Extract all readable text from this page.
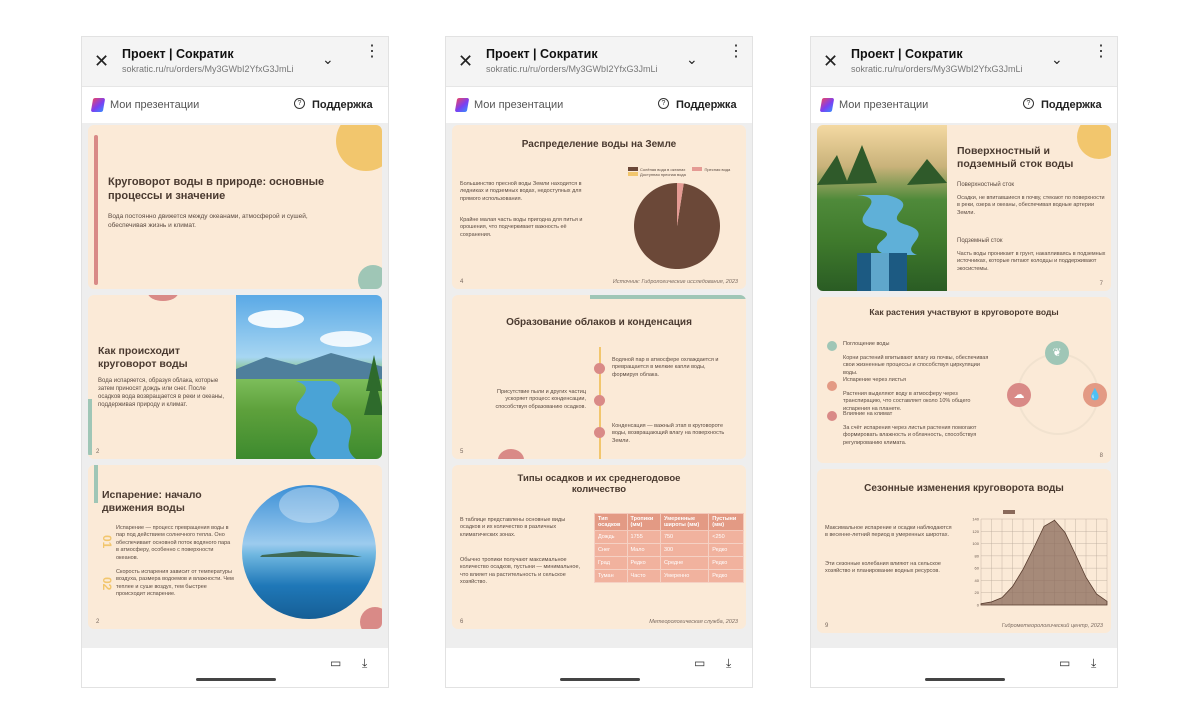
✕ Проект | Сократик
sokratic.ru/ru/orders/My3GWbI2YfxG3JmLi
⌄ ⋮
Мои презентации	? Поддержка
Круговорот воды в природе: основные процессы и значение
Вода постоянно движется между океанами, атмосферой и сушей, обеспечивая жизнь и климат.
Как происходит круговорот воды
Вода испаряется, образуя облака, которые затем приносят дождь или снег. После осадков вода возвращается в реки и океаны, поддерживая природу и климат.
2
Испарение: начало движения воды
01
Испарение — процесс превращения воды в пар под действием солнечного тепла. Оно обеспечивает основной поток водяного пара в атмосферу, особенно с поверхности океанов.
02
Скорость испарения зависит от температуры воздуха, размера водоемов и влажности. Чем теплее и суше воздух, тем быстрее происходит испарение.
2
▭ ⤓
✕ Проект | Сократик
sokratic.ru/ru/orders/My3GWbI2YfxG3JmLi
⌄ ⋮
Мои презентации	? Поддержка
Распределение воды на Земле
Большинство пресной воды Земли находится в ледниках и подземных водах, недоступных для прямого использования.
Крайне малая часть воды пригодна для питья и орошения, что подчеркивает важность её сохранения.
Солёная вода в океанах	Пресная вода
Доступная пресная вода
Источник: Гидрологические исследования, 2023
4
Образование облаков и конденсация
Водяной пар в атмосфере охлаждается и превращается в мелкие капли воды, формируя облака.
Присутствие пыли и других частиц ускоряет процесс конденсации, способствуя образованию осадков.
Конденсация — важный этап в круговороте воды, возвращающий влагу на поверхность Земли.
5
Типы осадков и их среднегодовое количество
В таблице представлены основные виды осадков и их количество в различных климатических зонах.
Обычно тропики получают максимальное количество осадков, пустыни — минимальное, что влияет на растительность и сельское хозяйство.
Тип осадков	Тропики (мм)	Умеренные широты (мм)	Пустыни (мм)
Дождь	1755	750	<250
Снег	Мало	300	Редко
Град	Редко	Средне	Редко
Туман	Часто	Умеренно	Редко
Метеорологическая служба, 2023
6
▭ ⤓
✕ Проект | Сократик
sokratic.ru/ru/orders/My3GWbI2YfxG3JmLi
⌄ ⋮
Мои презентации	? Поддержка
Поверхностный и подземный сток воды
Поверхностный сток
Осадки, не впитавшиеся в почву, стекают по поверхности в реки, озера и океаны, обеспечивая водные артерии Земли.
Подземный сток
Часть воды проникает в грунт, накапливаясь в подземных источниках, которые питают колодцы и поддерживают экосистемы.
7
Как растения участвуют в круговороте воды
Поглощение воды
Корни растений впитывают влагу из почвы, обеспечивая свои жизненные процессы и способствуя циркуляции воды.
Испарение через листья
Растения выделяют воду в атмосферу через транспирацию, что составляет около 10% общего испарения на планете.
Влияние на климат
За счёт испарения через листья растения помогают формировать влажность и облачность, способствуя регулированию климата.
❦
☁	💧
8
Сезонные изменения круговорота воды
Максимальное испарение и осадки наблюдаются в весенне-летний период в умеренных широтах.
Эти сезонные колебания влияют на сельское хозяйство и планирование водных ресурсов.
0
20
40
60
80
100
120
140
Гидрометеорологический центр, 2023
9
▭ ⤓
